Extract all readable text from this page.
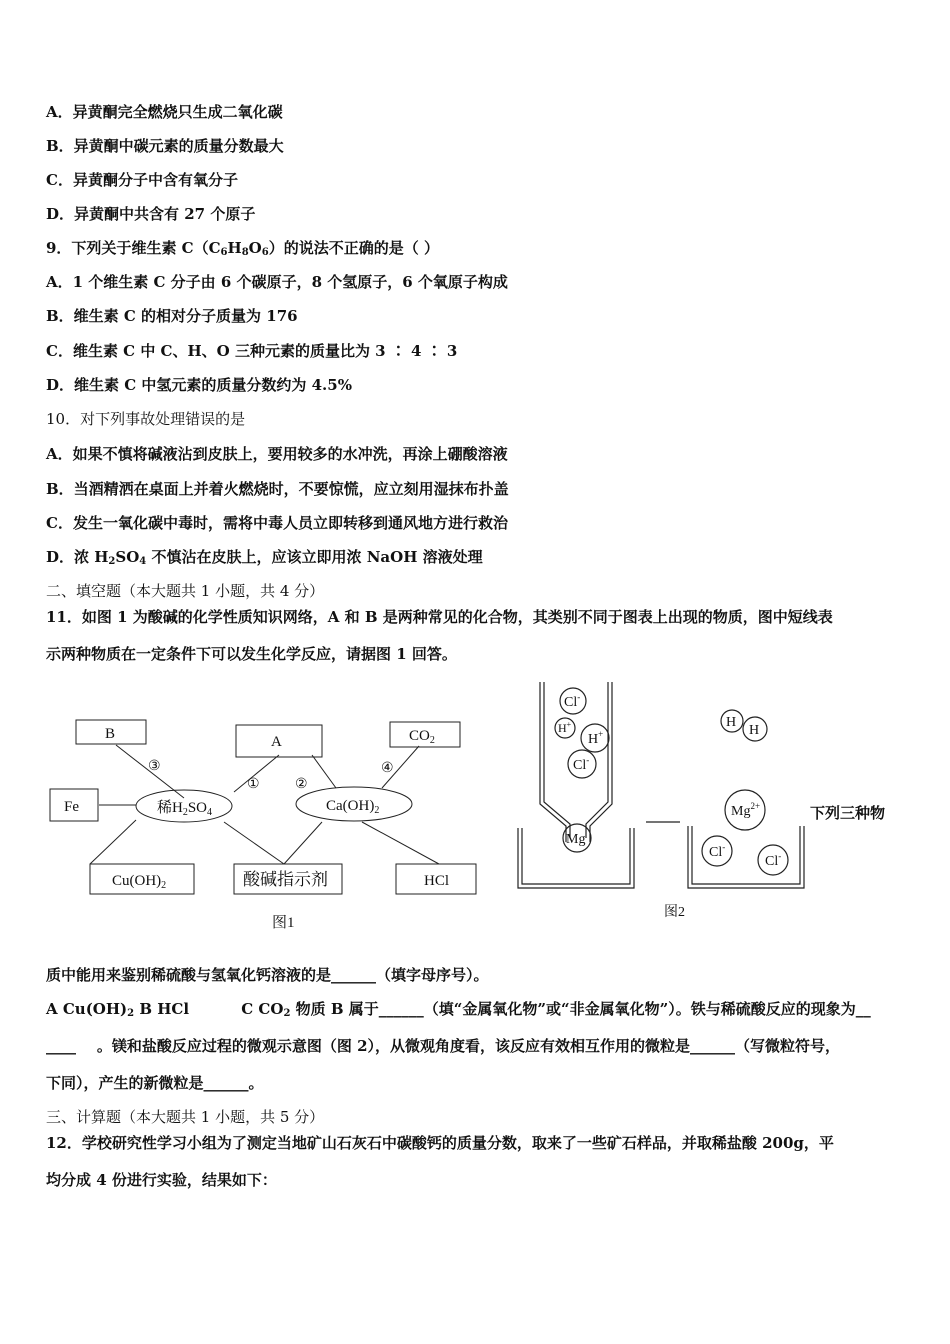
A．异黄酮完全燃烧只生成二氧化碳
B．异黄酮中碳元素的质量分数最大
C．异黄酮分子中含有氧分子
D．异黄酮中共含有 27 个原子
9．下列关于维生素 $C(C_6H_8O_6)$的说法不正确的是（ ）
A．1 个维生素 C 分子由 6 个碳原子，8 个氢原子，6 个氧原子构成
B．维生素 C 的相对分子质量为 176
C．维生素 C 中 C、H、O 三种元素的质量比为 3 ∶ 4 ∶ 3
D．维生素 C 中氢元素的质量分数约为 4.5%
10．对下列事故处理错误的是
A．如果不慎将碱液沾到皮肤上，要用较多的水冲洗，再涂上硼酸溶液
B．当酒精洒在桌面上并着火燃烧时，不要惊慌，应立刻用湿抹布扑盖
C．发生一氧化碳中毒时，需将中毒人员立即转移到通风地方进行救治
D．浓 $H_2SO_4$ 不慎沾在皮肤上，应该立即用浓 NaOH 溶液处理
二、填空题（本大题共 1 小题，共 4 分）
11．如图 1 为酸碱的化学性质知识网络，A 和 B 是两种常见的化合物，其类别不同于图表上出现的物质，图中短线表
示两种物质在一定条件下可以发生化学反应，请据图 1 回答。
B	A	$CO_2$
Fe	稀$H_2SO_4$	$Ca(OH)_2$
$Cu(OH)_2$	酸碱指示剂	HCl
③
①	②
④
图1
Cl-
H+
H+
Cl-
Mg
H
H
$Mg^{2+}$
Cl-
Cl-
下列三种物
图2
质中能用来鉴别稀硫酸与氢氧化钙溶液的是______（填字母序号）。
A $Cu(OH)_2$ B HCl          C $CO_2$ 物质 B 属于______（填“金属氧化物”或“非金属氧化物”）。铁与稀硫酸反应的现象为__
____    。镁和盐酸反应过程的微观示意图（图 2），从微观角度看，该反应有效相互作用的微粒是______（写微粒符号，
下同），产生的新微粒是______。
三、计算题（本大题共 1 小题，共 5 分）
12．学校研究性学习小组为了测定当地矿山石灰石中碳酸钙的质量分数，取来了一些矿石样品，并取稀盐酸 200g，平
均分成 4 份进行实验，结果如下：
